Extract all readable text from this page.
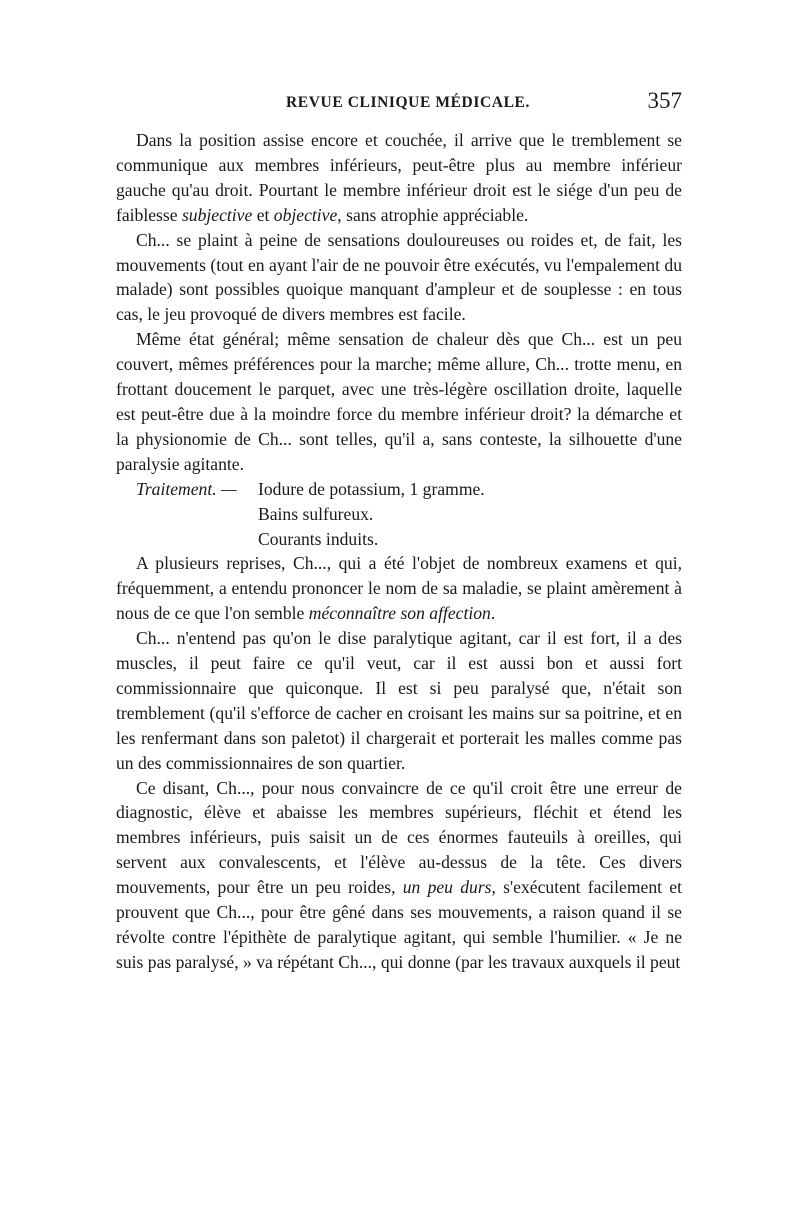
REVUE CLINIQUE MÉDICALE.	357

Dans la position assise encore et couchée, il arrive que le tremblement se communique aux membres inférieurs, peut-être plus au membre inférieur gauche qu'au droit. Pourtant le membre inférieur droit est le siége d'un peu de faiblesse subjective et objective, sans atrophie appréciable.

Ch... se plaint à peine de sensations douloureuses ou roides et, de fait, les mouvements (tout en ayant l'air de ne pouvoir être exécutés, vu l'empalement du malade) sont possibles quoique manquant d'ampleur et de souplesse : en tous cas, le jeu provoqué de divers membres est facile.

Même état général; même sensation de chaleur dès que Ch... est un peu couvert, mêmes préférences pour la marche; même allure, Ch... trotte menu, en frottant doucement le parquet, avec une très-légère oscillation droite, laquelle est peut-être due à la moindre force du membre inférieur droit? la démarche et la physionomie de Ch... sont telles, qu'il a, sans conteste, la silhouette d'une paralysie agitante.

Traitement. —	Iodure de potassium, 1 gramme.
Bains sulfureux.
Courants induits.

A plusieurs reprises, Ch..., qui a été l'objet de nombreux examens et qui, fréquemment, a entendu prononcer le nom de sa maladie, se plaint amèrement à nous de ce que l'on semble méconnaître son affection.

Ch... n'entend pas qu'on le dise paralytique agitant, car il est fort, il a des muscles, il peut faire ce qu'il veut, car il est aussi bon et aussi fort commissionnaire que quiconque. Il est si peu paralysé que, n'était son tremblement (qu'il s'efforce de cacher en croisant les mains sur sa poitrine, et en les renfermant dans son paletot) il chargerait et porterait les malles comme pas un des commissionnaires de son quartier.

Ce disant, Ch..., pour nous convaincre de ce qu'il croit être une erreur de diagnostic, élève et abaisse les membres supérieurs, fléchit et étend les membres inférieurs, puis saisit un de ces énormes fauteuils à oreilles, qui servent aux convalescents, et l'élève au-dessus de la tête. Ces divers mouvements, pour être un peu roides, un peu durs, s'exécutent facilement et prouvent que Ch..., pour être gêné dans ses mouvements, a raison quand il se révolte contre l'épithète de paralytique agitant, qui semble l'humilier. « Je ne suis pas paralysé, » va répétant Ch..., qui donne (par les travaux auxquels il peut
